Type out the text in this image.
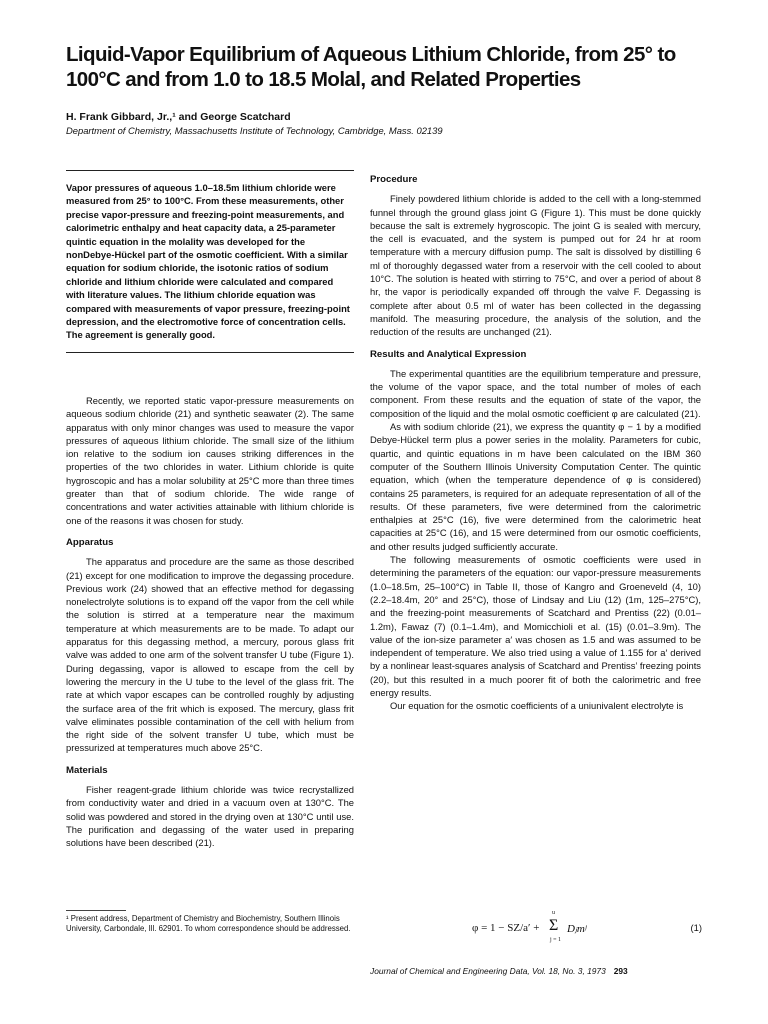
Liquid-Vapor Equilibrium of Aqueous Lithium Chloride, from 25° to 100°C and from 1.0 to 18.5 Molal, and Related Properties
H. Frank Gibbard, Jr.,¹ and George Scatchard
Department of Chemistry, Massachusetts Institute of Technology, Cambridge, Mass. 02139

Vapor pressures of aqueous 1.0–18.5m lithium chloride were measured from 25° to 100°C. From these measurements, other precise vapor-pressure and freezing-point measurements, and calorimetric enthalpy and heat capacity data, a 25-parameter quintic equation in the molality was developed for the nonDebye-Hückel part of the osmotic coefficient. With a similar equation for sodium chloride, the isotonic ratios of sodium chloride and lithium chloride were calculated and compared with literature values. The lithium chloride equation was compared with measurements of vapor pressure, freezing-point depression, and the electromotive force of concentration cells. The agreement is generally good.

Recently, we reported static vapor-pressure measurements on aqueous sodium chloride (21) and synthetic seawater (2). The same apparatus with only minor changes was used to measure the vapor pressures of aqueous lithium chloride. The small size of the lithium ion relative to the sodium ion causes striking differences in the properties of the two chlorides in water. Lithium chloride is quite hygroscopic and has a molar solubility at 25°C more than three times greater than that of sodium chloride. The wide range of concentrations and water activities attainable with lithium chloride is one of the reasons it was chosen for study.

Apparatus

The apparatus and procedure are the same as those described (21) except for one modification to improve the degassing procedure. Previous work (24) showed that an effective method for degassing nonelectrolyte solutions is to expand off the vapor from the cell while the solution is stirred at a temperature near the maximum temperature at which measurements are to be made. To adapt our apparatus for this degassing method, a mercury, porous glass frit valve was added to one arm of the solvent transfer U tube (Figure 1). During degassing, vapor is allowed to escape from the cell by lowering the mercury in the U tube to the level of the glass frit. The rate at which vapor escapes can be controlled roughly by adjusting the surface area of the frit which is exposed. The mercury, glass frit valve eliminates possible contamination of the cell with helium from the right side of the solvent transfer U tube, which must be pressurized at temperatures much above 25°C.

Materials

Fisher reagent-grade lithium chloride was twice recrystallized from conductivity water and dried in a vacuum oven at 130°C. The solid was powdered and stored in the drying oven at 130°C until use. The purification and degassing of the water used in preparing solutions have been described (21).

¹ Present address, Department of Chemistry and Biochemistry, Southern Illinois University, Carbondale, Ill. 62901. To whom correspondence should be addressed.
Procedure

Finely powdered lithium chloride is added to the cell with a long-stemmed funnel through the ground glass joint G (Figure 1). This must be done quickly because the salt is extremely hygroscopic. The joint G is sealed with mercury, the cell is evacuated, and the system is pumped out for 24 hr at room temperature with a mercury diffusion pump. The salt is dissolved by distilling 6 ml of thoroughly degassed water from a reservoir with the cell cooled to about 10°C. The solution is heated with stirring to 75°C, and over a period of about 8 hr, the vapor is periodically expanded off through the valve F. Degassing is complete after about 0.5 ml of water has been collected in the degassing manifold. The measuring procedure, the analysis of the solution, and the reduction of the results are unchanged (21).

Results and Analytical Expression

The experimental quantities are the equilibrium temperature and pressure, the volume of the vapor space, and the total number of moles of each component. From these results and the equation of state of the vapor, the composition of the liquid and the molal osmotic coefficient φ are calculated (21).

As with sodium chloride (21), we express the quantity φ − 1 by a modified Debye-Hückel term plus a power series in the molality. Parameters for cubic, quartic, and quintic equations in m have been calculated on the IBM 360 computer of the Southern Illinois University Computation Center. The quintic equation, which (when the temperature dependence of φ is considered) contains 25 parameters, is required for an adequate representation of all of the results. Of these parameters, five were determined from the calorimetric enthalpies at 25°C (16), five were determined from the calorimetric heat capacities at 25°C (16), and 15 were determined from our osmotic coefficients, and other results judged sufficiently accurate.

The following measurements of osmotic coefficients were used in determining the parameters of the equation: our vapor-pressure measurements (1.0–18.5m, 25–100°C) in Table II, those of Kangro and Groeneveld (4, 10) (2.2–18.4m, 20° and 25°C), those of Lindsay and Liu (12) (1m, 125–275°C), and the freezing-point measurements of Scatchard and Prentiss (22) (0.01–1.2m), Fawaz (7) (0.1–1.4m), and Momicchioli et al. (15) (0.01–3.9m). The value of the ion-size parameter a′ was chosen as 1.5 and was assumed to be independent of temperature. We also tried using a value of 1.155 for a′ derived by a nonlinear least-squares analysis of Scatchard and Prentiss’ freezing points (20), but this resulted in a much poorer fit of both the calorimetric and free energy results.

Our equation for the osmotic coefficients of a uniunivalent electrolyte is

φ = 1 − SZ/a′ +
u
Σ
j = 1
Dⱼmʲ	(1)
Journal of Chemical and Engineering Data, Vol. 18, No. 3, 1973 293
